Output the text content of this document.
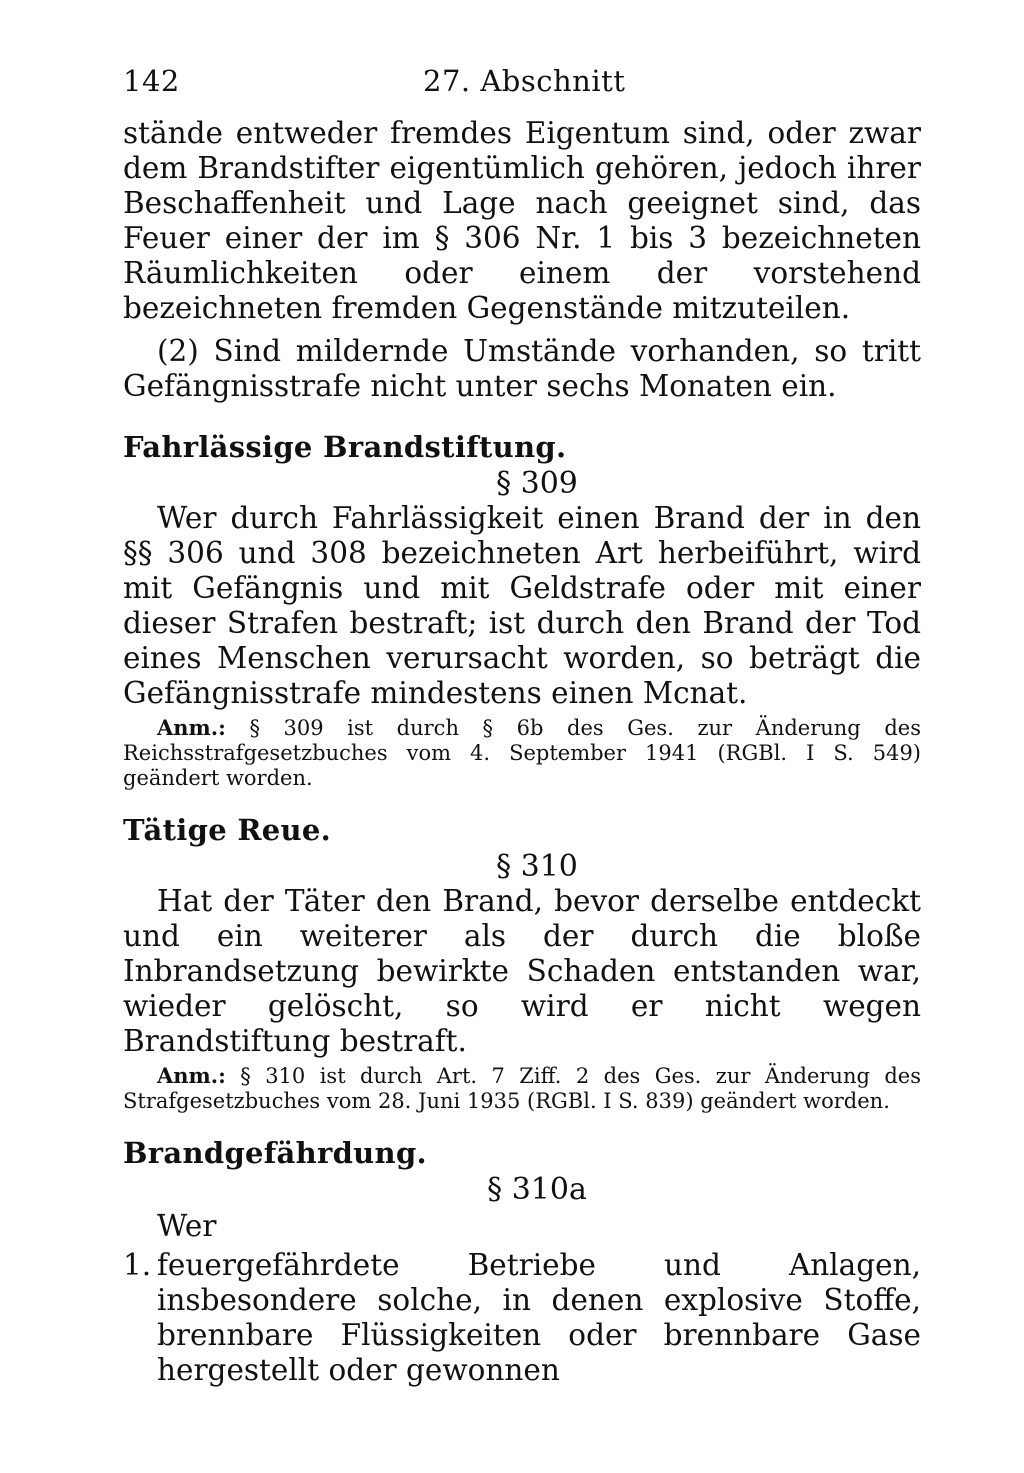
142	27. Abschnitt

stände entweder fremdes Eigentum sind, oder zwar dem Brandstifter eigentümlich gehören, jedoch ihrer Beschaffenheit und Lage nach geeignet sind, das Feuer einer der im § 306 Nr. 1 bis 3 bezeichneten Räumlichkeiten oder einem der vorstehend bezeichneten fremden Gegenstände mitzuteilen.

(2) Sind mildernde Umstände vorhanden, so tritt Gefängnisstrafe nicht unter sechs Monaten ein.

Fahrlässige Brandstiftung.

§ 309

Wer durch Fahrlässigkeit einen Brand der in den §§ 306 und 308 bezeichneten Art herbeiführt, wird mit Gefängnis und mit Geldstrafe oder mit einer dieser Strafen bestraft; ist durch den Brand der Tod eines Menschen verursacht worden, so beträgt die Gefängnisstrafe mindestens einen Mcnat.

Anm.: § 309 ist durch § 6b des Ges. zur Änderung des Reichsstrafgesetzbuches vom 4. September 1941 (RGBl. I S. 549) geändert worden.

Tätige Reue.

§ 310

Hat der Täter den Brand, bevor derselbe entdeckt und ein weiterer als der durch die bloße Inbrandsetzung bewirkte Schaden entstanden war, wieder gelöscht, so wird er nicht wegen Brandstiftung bestraft.

Anm.: § 310 ist durch Art. 7 Ziff. 2 des Ges. zur Änderung des Strafgesetzbuches vom 28. Juni 1935 (RGBl. I S. 839) geändert worden.

Brandgefährdung.

§ 310a

Wer

1. feuergefährdete Betriebe und Anlagen, insbesondere solche, in denen explosive Stoffe, brennbare Flüssigkeiten oder brennbare Gase hergestellt oder gewonnen
